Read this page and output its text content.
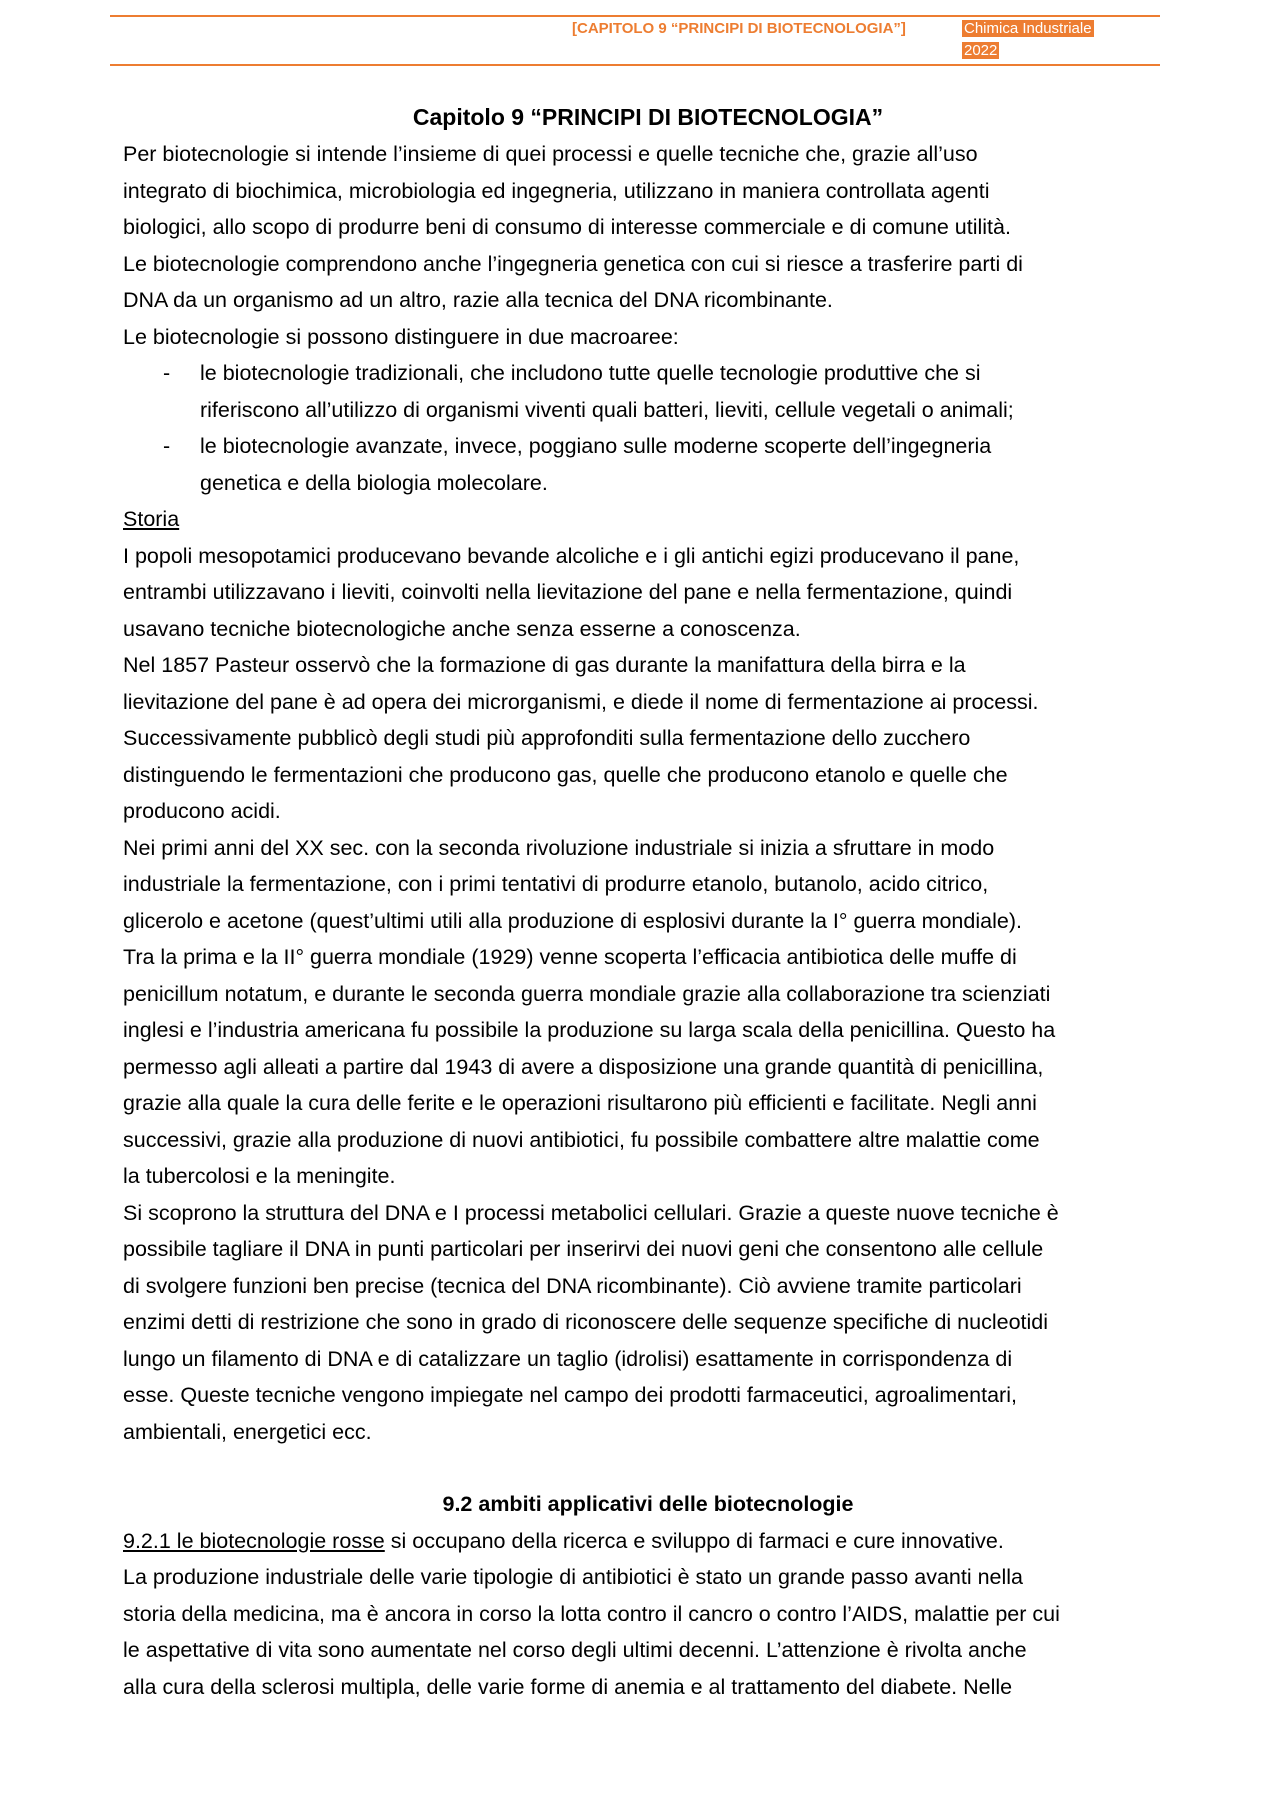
[CAPITOLO 9 “PRINCIPI DI BIOTECNOLOGIA”]	Chimica Industriale
2022

Capitolo 9 “PRINCIPI DI BIOTECNOLOGIA”

Per biotecnologie si intende l’insieme di quei processi e quelle tecniche che, grazie all’uso

integrato di biochimica, microbiologia ed ingegneria, utilizzano in maniera controllata agenti

biologici, allo scopo di produrre beni di consumo di interesse commerciale e di comune utilità.

Le biotecnologie comprendono anche l’ingegneria genetica con cui si riesce a trasferire parti di

DNA da un organismo ad un altro, razie alla tecnica del DNA ricombinante.

Le biotecnologie si possono distinguere in due macroaree:

- le biotecnologie tradizionali, che includono tutte quelle tecnologie produttive che si
riferiscono all’utilizzo di organismi viventi quali batteri, lieviti, cellule vegetali o animali;
- le biotecnologie avanzate, invece, poggiano sulle moderne scoperte dell’ingegneria
genetica e della biologia molecolare.

Storia

I popoli mesopotamici producevano bevande alcoliche e i gli antichi egizi producevano il pane,

entrambi utilizzavano i lieviti, coinvolti nella lievitazione del pane e nella fermentazione, quindi

usavano tecniche biotecnologiche anche senza esserne a conoscenza.

Nel 1857 Pasteur osservò che la formazione di gas durante la manifattura della birra e la

lievitazione del pane è ad opera dei microrganismi, e diede il nome di fermentazione ai processi.

Successivamente pubblicò degli studi più approfonditi sulla fermentazione dello zucchero

distinguendo le fermentazioni che producono gas, quelle che producono etanolo e quelle che

producono acidi.

Nei primi anni del XX sec. con la seconda rivoluzione industriale si inizia a sfruttare in modo

industriale la fermentazione, con i primi tentativi di produrre etanolo, butanolo, acido citrico,

glicerolo e acetone (quest’ultimi utili alla produzione di esplosivi durante la I° guerra mondiale).

Tra la prima e la II° guerra mondiale (1929) venne scoperta l’efficacia antibiotica delle muffe di

penicillum notatum, e durante le seconda guerra mondiale grazie alla collaborazione tra scienziati

inglesi e l’industria americana fu possibile la produzione su larga scala della penicillina. Questo ha

permesso agli alleati a partire dal 1943 di avere a disposizione una grande quantità di penicillina,

grazie alla quale la cura delle ferite e le operazioni risultarono più efficienti e facilitate. Negli anni

successivi, grazie alla produzione di nuovi antibiotici, fu possibile combattere altre malattie come

la tubercolosi e la meningite.

Si scoprono la struttura del DNA e I processi metabolici cellulari. Grazie a queste nuove tecniche è

possibile tagliare il DNA in punti particolari per inserirvi dei nuovi geni che consentono alle cellule

di svolgere funzioni ben precise (tecnica del DNA ricombinante). Ciò avviene tramite particolari

enzimi detti di restrizione che sono in grado di riconoscere delle sequenze specifiche di nucleotidi

lungo un filamento di DNA e di catalizzare un taglio (idrolisi) esattamente in corrispondenza di

esse. Queste tecniche vengono impiegate nel campo dei prodotti farmaceutici, agroalimentari,

ambientali, energetici ecc.

9.2 ambiti applicativi delle biotecnologie

9.2.1 le biotecnologie rosse si occupano della ricerca e sviluppo di farmaci e cure innovative.

La produzione industriale delle varie tipologie di antibiotici è stato un grande passo avanti nella

storia della medicina, ma è ancora in corso la lotta contro il cancro o contro l’AIDS, malattie per cui

le aspettative di vita sono aumentate nel corso degli ultimi decenni. L’attenzione è rivolta anche

alla cura della sclerosi multipla, delle varie forme di anemia e al trattamento del diabete. Nelle
